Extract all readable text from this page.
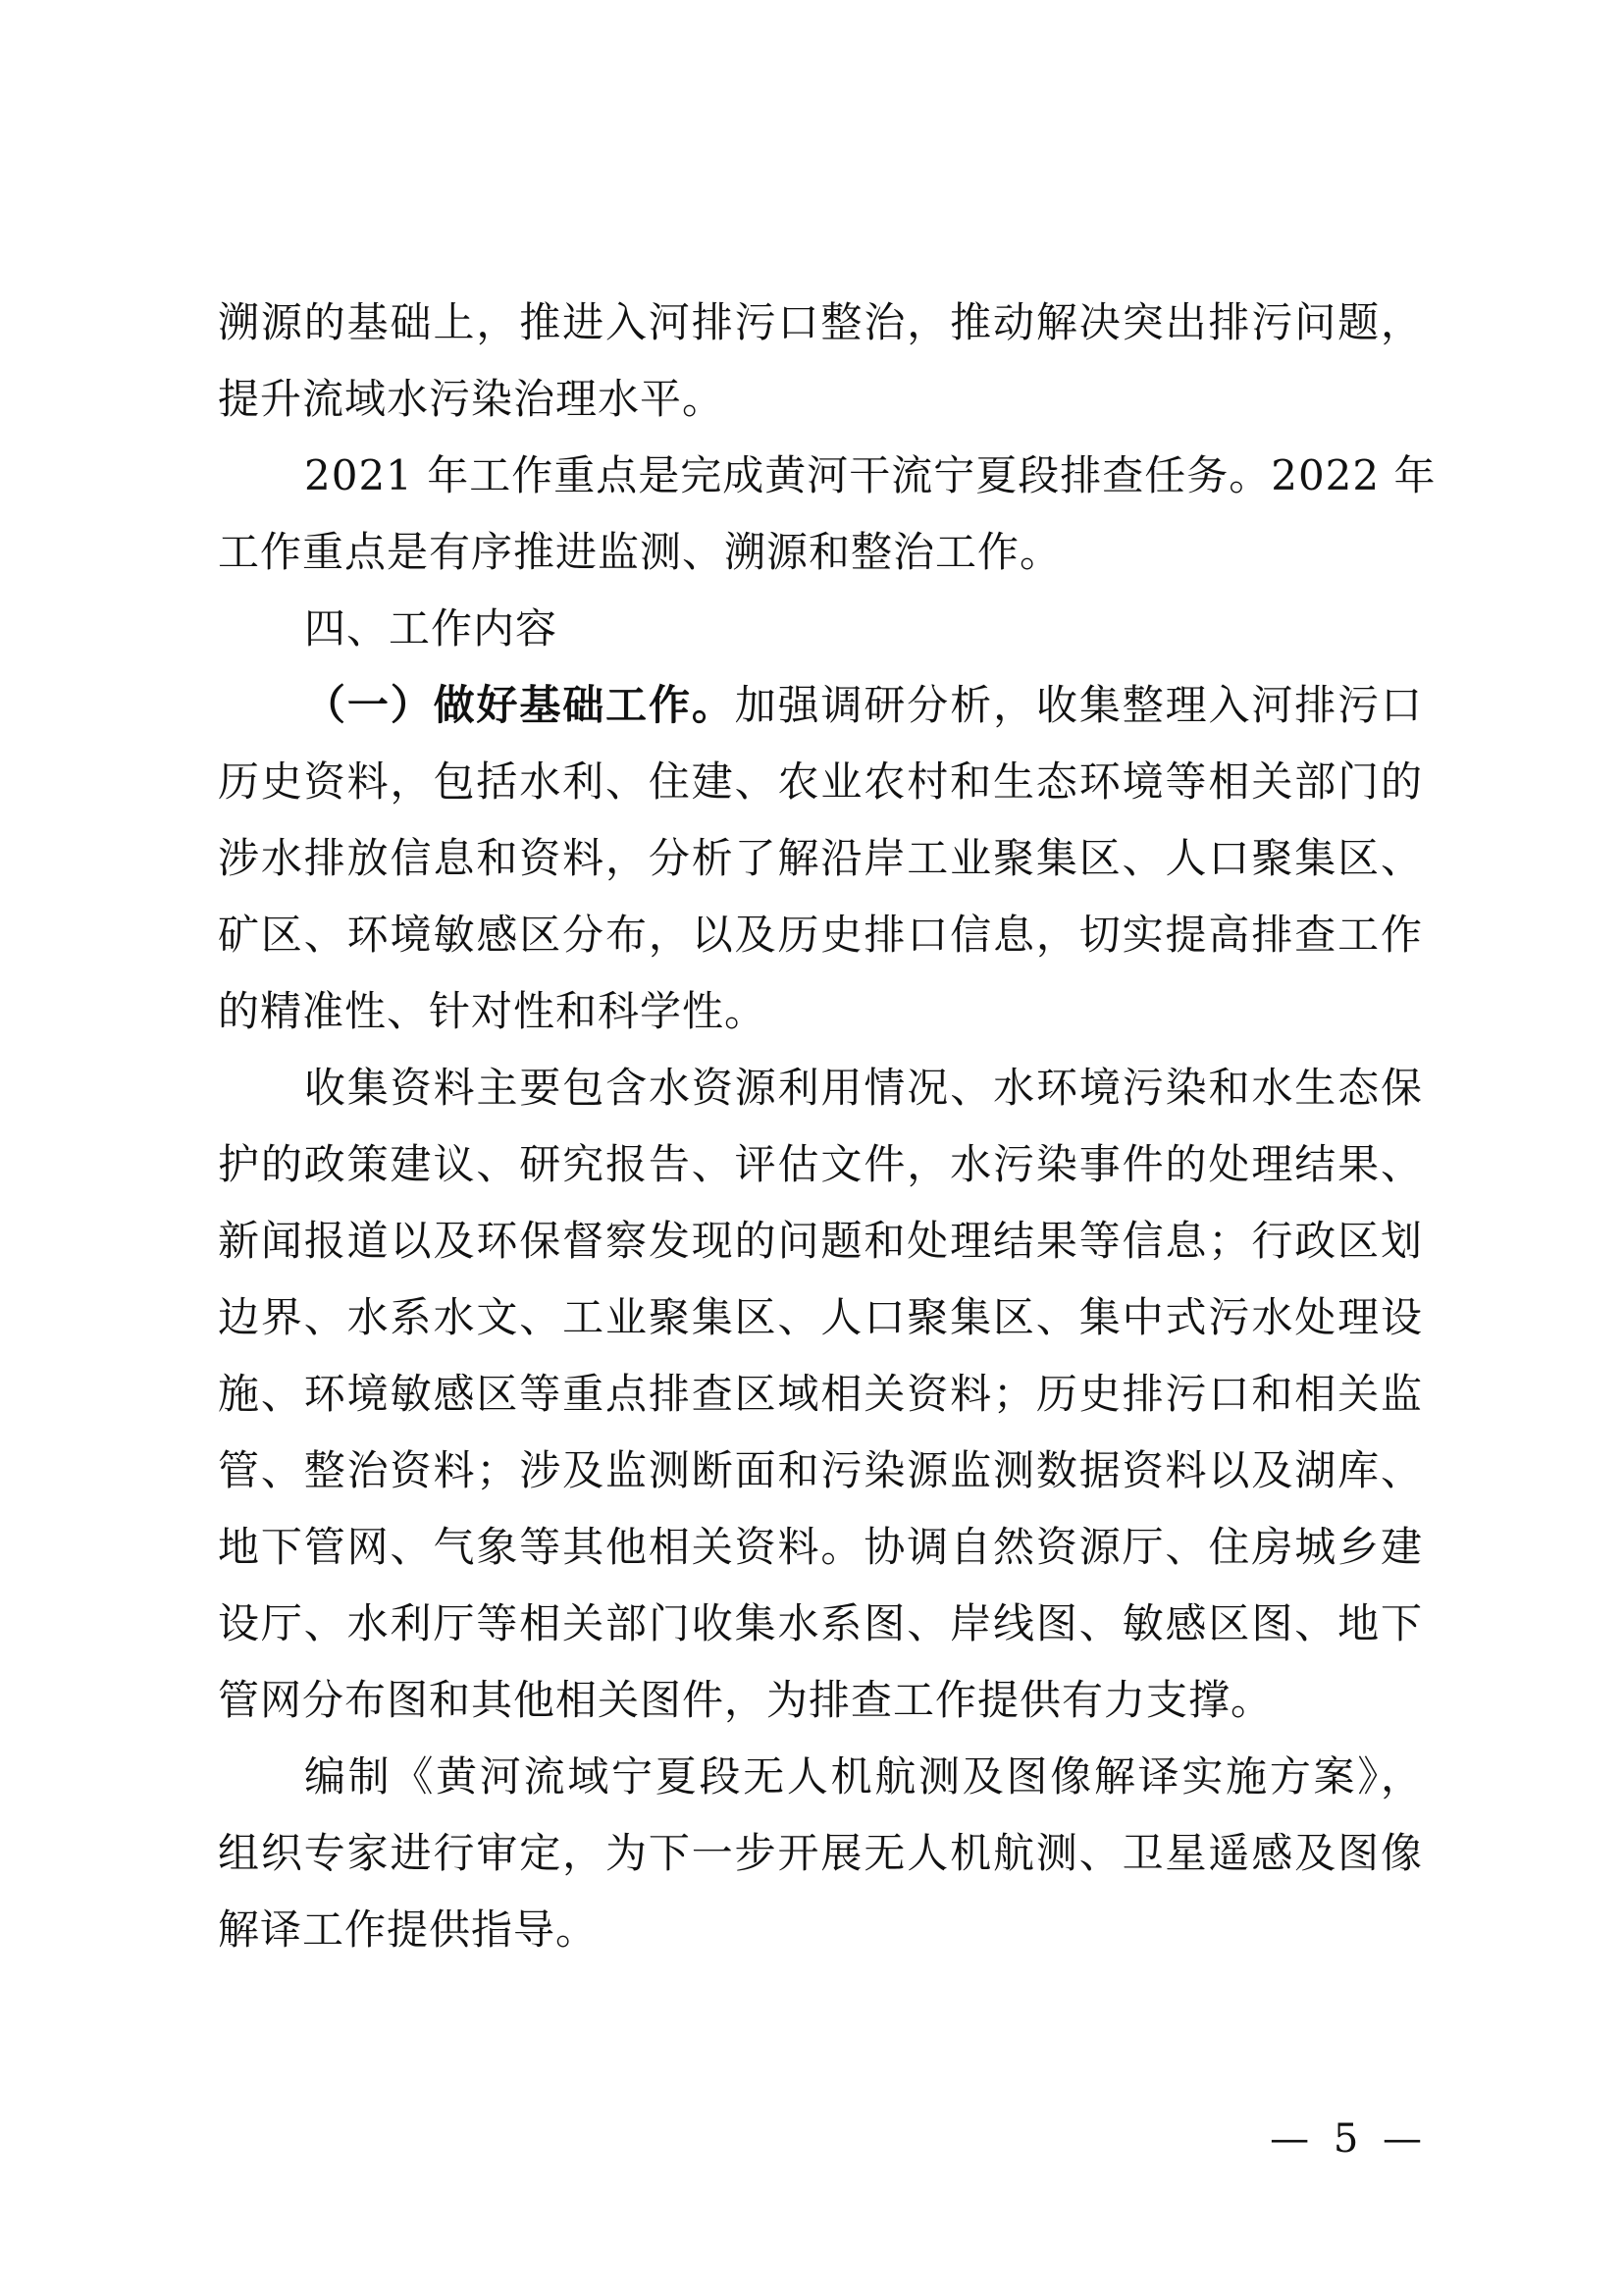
溯源的基础上，推进入河排污口整治，推动解决突出排污问题，
提升流域水污染治理水平。
2021 年工作重点是完成黄河干流宁夏段排查任务。2022 年
工作重点是有序推进监测、溯源和整治工作。
四、工作内容
（一）做好基础工作。加强调研分析，收集整理入河排污口
历史资料，包括水利、住建、农业农村和生态环境等相关部门的
涉水排放信息和资料，分析了解沿岸工业聚集区、人口聚集区、
矿区、环境敏感区分布，以及历史排口信息，切实提高排查工作
的精准性、针对性和科学性。
收集资料主要包含水资源利用情况、水环境污染和水生态保
护的政策建议、研究报告、评估文件，水污染事件的处理结果、
新闻报道以及环保督察发现的问题和处理结果等信息；行政区划
边界、水系水文、工业聚集区、人口聚集区、集中式污水处理设
施、环境敏感区等重点排查区域相关资料；历史排污口和相关监
管、整治资料；涉及监测断面和污染源监测数据资料以及湖库、
地下管网、气象等其他相关资料。协调自然资源厅、住房城乡建
设厅、水利厅等相关部门收集水系图、岸线图、敏感区图、地下
管网分布图和其他相关图件，为排查工作提供有力支撑。
编制《黄河流域宁夏段无人机航测及图像解译实施方案》，
组织专家进行审定，为下一步开展无人机航测、卫星遥感及图像
解译工作提供指导。
— 5 —
